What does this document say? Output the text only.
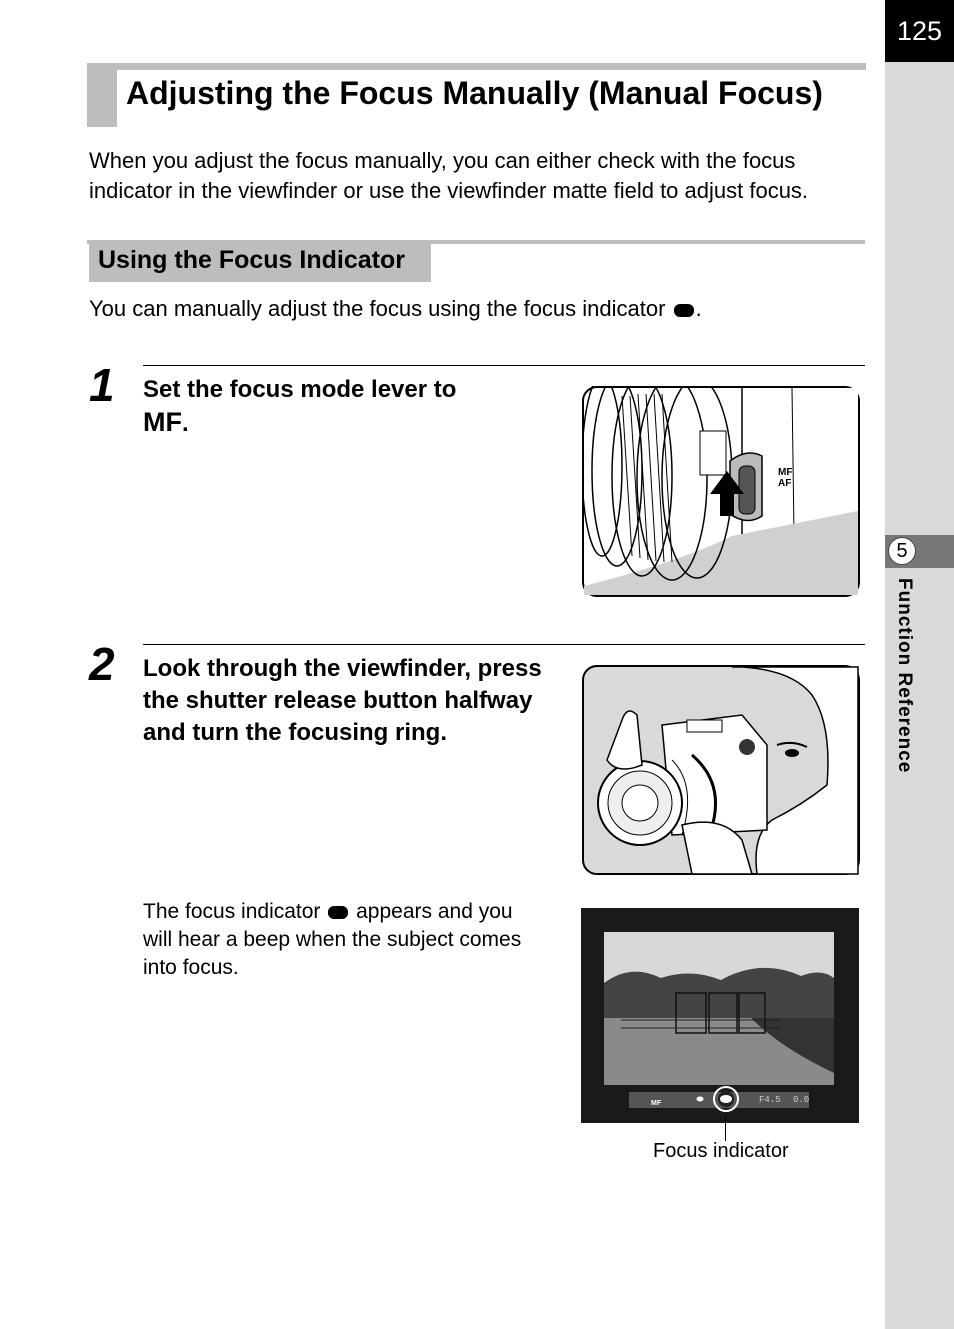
125
5
Function Reference
Adjusting the Focus Manually (Manual Focus)
When you adjust the focus manually, you can either check with the focus indicator in the viewfinder or use the viewfinder matte field to adjust focus.
Using the Focus Indicator
You can manually adjust the focus using the focus indicator .
1 Set the focus mode lever to
MF.
MF
AF
2 Look through the viewfinder, press the shutter release button halfway and turn the focusing ring.
The focus indicator appears and you will hear a beep when the subject comes into focus.
MF	F4.5 0.0
Focus indicator
